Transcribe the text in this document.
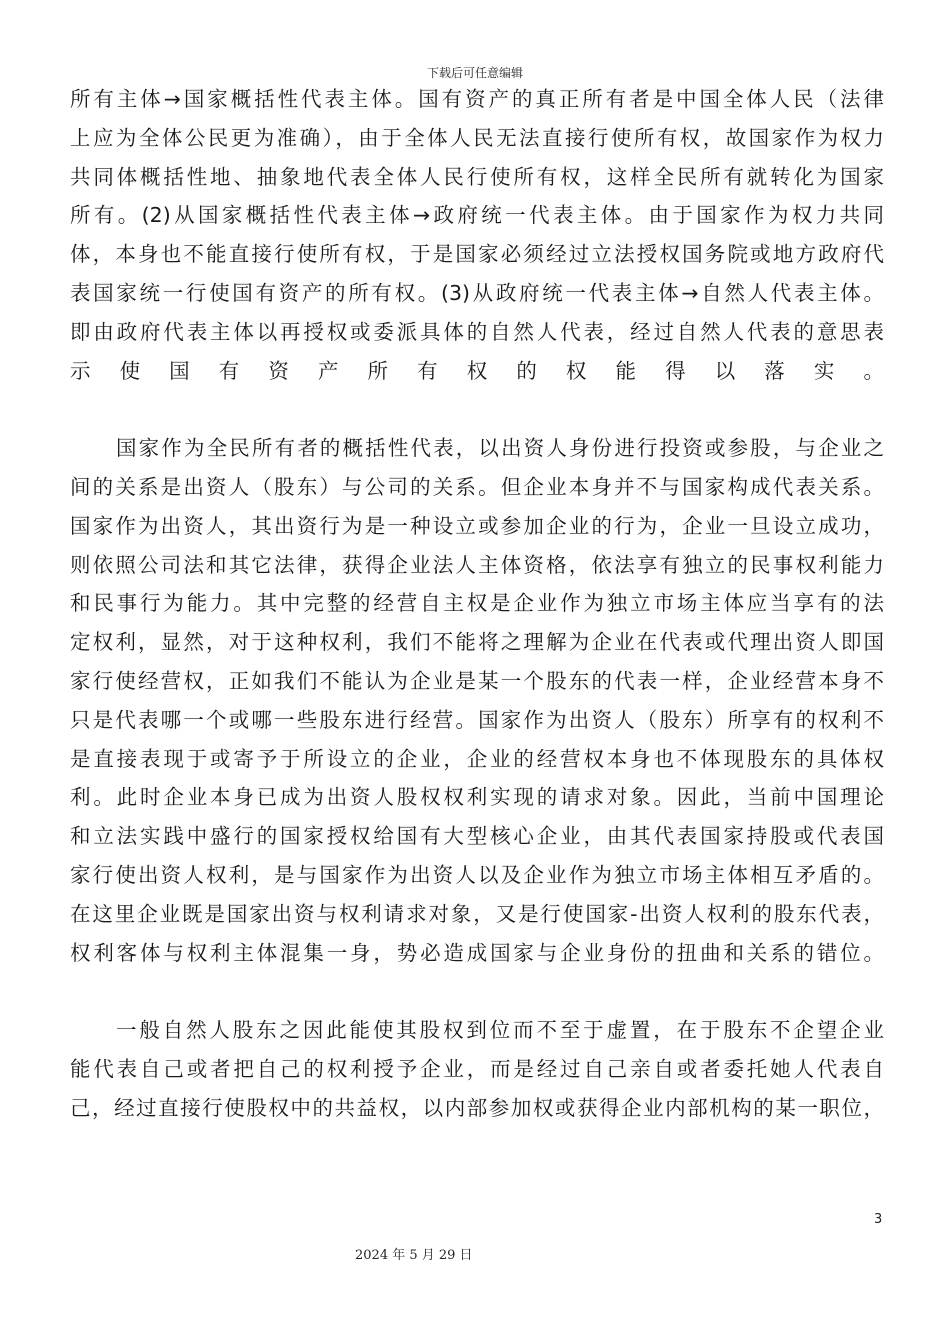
下载后可任意编辑
所有主体→国家概括性代表主体。国有资产的真正所有者是中国全体人民（法律
上应为全体公民更为准确），由于全体人民无法直接行使所有权，故国家作为权力
共同体概括性地、抽象地代表全体人民行使所有权，这样全民所有就转化为国家
所有。(2)从国家概括性代表主体→政府统一代表主体。由于国家作为权力共同
体，本身也不能直接行使所有权，于是国家必须经过立法授权国务院或地方政府代
表国家统一行使国有资产的所有权。(3)从政府统一代表主体→自然人代表主体。
即由政府代表主体以再授权或委派具体的自然人代表，经过自然人代表的意思表
示使国有资产所有权的权能得以落实。
国家作为全民所有者的概括性代表，以出资人身份进行投资或参股，与企业之
间的关系是出资人（股东）与公司的关系。但企业本身并不与国家构成代表关系。
国家作为出资人，其出资行为是一种设立或参加企业的行为，企业一旦设立成功，
则依照公司法和其它法律，获得企业法人主体资格，依法享有独立的民事权利能力
和民事行为能力。其中完整的经营自主权是企业作为独立市场主体应当享有的法
定权利，显然，对于这种权利，我们不能将之理解为企业在代表或代理出资人即国
家行使经营权，正如我们不能认为企业是某一个股东的代表一样，企业经营本身不
只是代表哪一个或哪一些股东进行经营。国家作为出资人（股东）所享有的权利不
是直接表现于或寄予于所设立的企业，企业的经营权本身也不体现股东的具体权
利。此时企业本身已成为出资人股权权利实现的请求对象。因此，当前中国理论
和立法实践中盛行的国家授权给国有大型核心企业，由其代表国家持股或代表国
家行使出资人权利，是与国家作为出资人以及企业作为独立市场主体相互矛盾的。
在这里企业既是国家出资与权利请求对象，又是行使国家-出资人权利的股东代表，
权利客体与权利主体混集一身，势必造成国家与企业身份的扭曲和关系的错位。
一般自然人股东之因此能使其股权到位而不至于虚置，在于股东不企望企业
能代表自己或者把自己的权利授予企业，而是经过自己亲自或者委托她人代表自
己，经过直接行使股权中的共益权，以内部参加权或获得企业内部机构的某一职位，
3
2024 年 5 月 29 日
